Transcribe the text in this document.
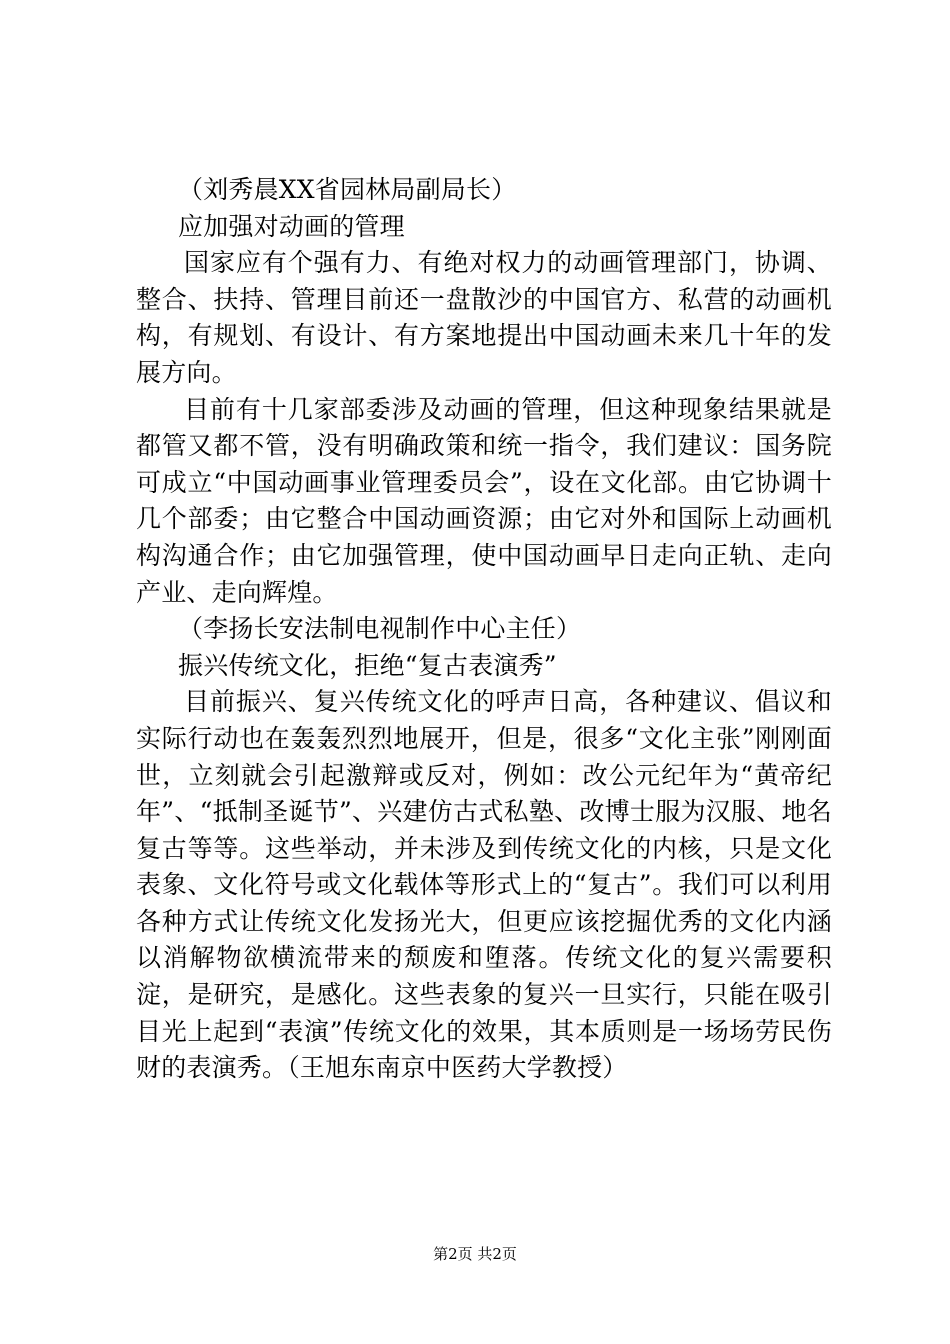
（刘秀晨XX省园林局副局长）

应加强对动画的管理

国家应有个强有力、有绝对权力的动画管理部门，协调、整合、扶持、管理目前还一盘散沙的中国官方、私营的动画机构，有规划、有设计、有方案地提出中国动画未来几十年的发展方向。

目前有十几家部委涉及动画的管理，但这种现象结果就是都管又都不管，没有明确政策和统一指令，我们建议：国务院可成立“中国动画事业管理委员会”，设在文化部。由它协调十几个部委；由它整合中国动画资源；由它对外和国际上动画机构沟通合作；由它加强管理，使中国动画早日走向正轨、走向产业、走向辉煌。

（李扬长安法制电视制作中心主任）

振兴传统文化，拒绝“复古表演秀”

目前振兴、复兴传统文化的呼声日高，各种建议、倡议和实际行动也在轰轰烈烈地展开，但是，很多“文化主张”刚刚面世，立刻就会引起激辩或反对，例如：改公元纪年为“黄帝纪年”、“抵制圣诞节”、兴建仿古式私塾、改博士服为汉服、地名复古等等。这些举动，并未涉及到传统文化的内核，只是文化表象、文化符号或文化载体等形式上的“复古”。我们可以利用各种方式让传统文化发扬光大，但更应该挖掘优秀的文化内涵以消解物欲横流带来的颓废和堕落。传统文化的复兴需要积淀，是研究，是感化。这些表象的复兴一旦实行，只能在吸引目光上起到“表演”传统文化的效果，其本质则是一场场劳民伤财的表演秀。（王旭东南京中医药大学教授）

第2页 共2页
